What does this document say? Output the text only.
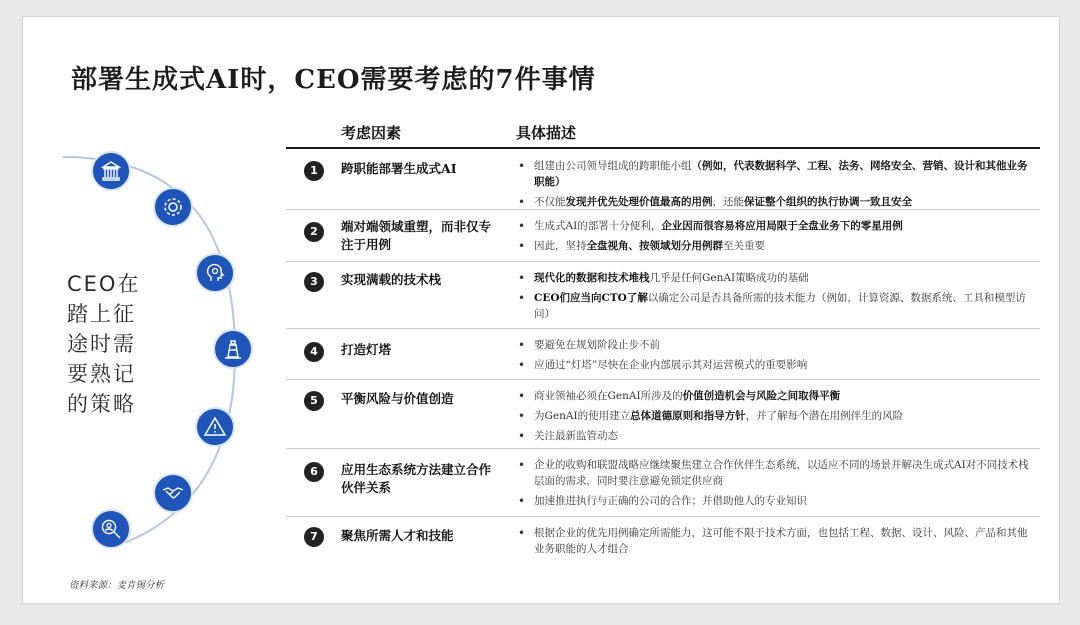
部署生成式AI时，CEO需要考虑的7件事情
CEO在
踏上征
途时需
要熟记
的策略
考虑因素	具体描述
1	跨职能部署生成式AI	• 组建由公司领导组成的跨职能小组（例如，代表数据科学、工程、法务、网络安全、营销、设计和其他业务职能）
• 不仅能发现并优先处理价值最高的用例，还能保证整个组织的执行协调一致且安全
2	端对端领域重塑，而非仅专注于用例
• 生成式AI的部署十分便利，企业因而很容易将应用局限于全盘业务下的零星用例
• 因此，坚持全盘视角、按领域划分用例群至关重要
3	实现满载的技术栈	• 现代化的数据和技术堆栈几乎是任何GenAI策略成功的基础
• CEO们应当向CTO了解以确定公司是否具备所需的技术能力（例如，计算资源、数据系统、工具和模型访问）
4	打造灯塔	• 要避免在规划阶段止步不前
• 应通过“灯塔”尽快在企业内部展示其对运营模式的重要影响
5	平衡风险与价值创造	• 商业领袖必须在GenAI所涉及的价值创造机会与风险之间取得平衡
• 为GenAI的使用建立总体道德原则和指导方针，并了解每个潜在用例伴生的风险
• 关注最新监管动态
6	应用生态系统方法建立合作伙伴关系
• 企业的收购和联盟战略应继续聚焦建立合作伙伴生态系统，以适应不同的场景并解决生成式AI对不同技术栈层面的需求，同时要注意避免锁定供应商
• 加速推进执行与正确的公司的合作；并借助他人的专业知识
7	聚焦所需人才和技能	• 根据企业的优先用例确定所需能力，这可能不限于技术方面，也包括工程、数据、设计、风险、产品和其他业务职能的人才组合

资料来源：麦肯锡分析
